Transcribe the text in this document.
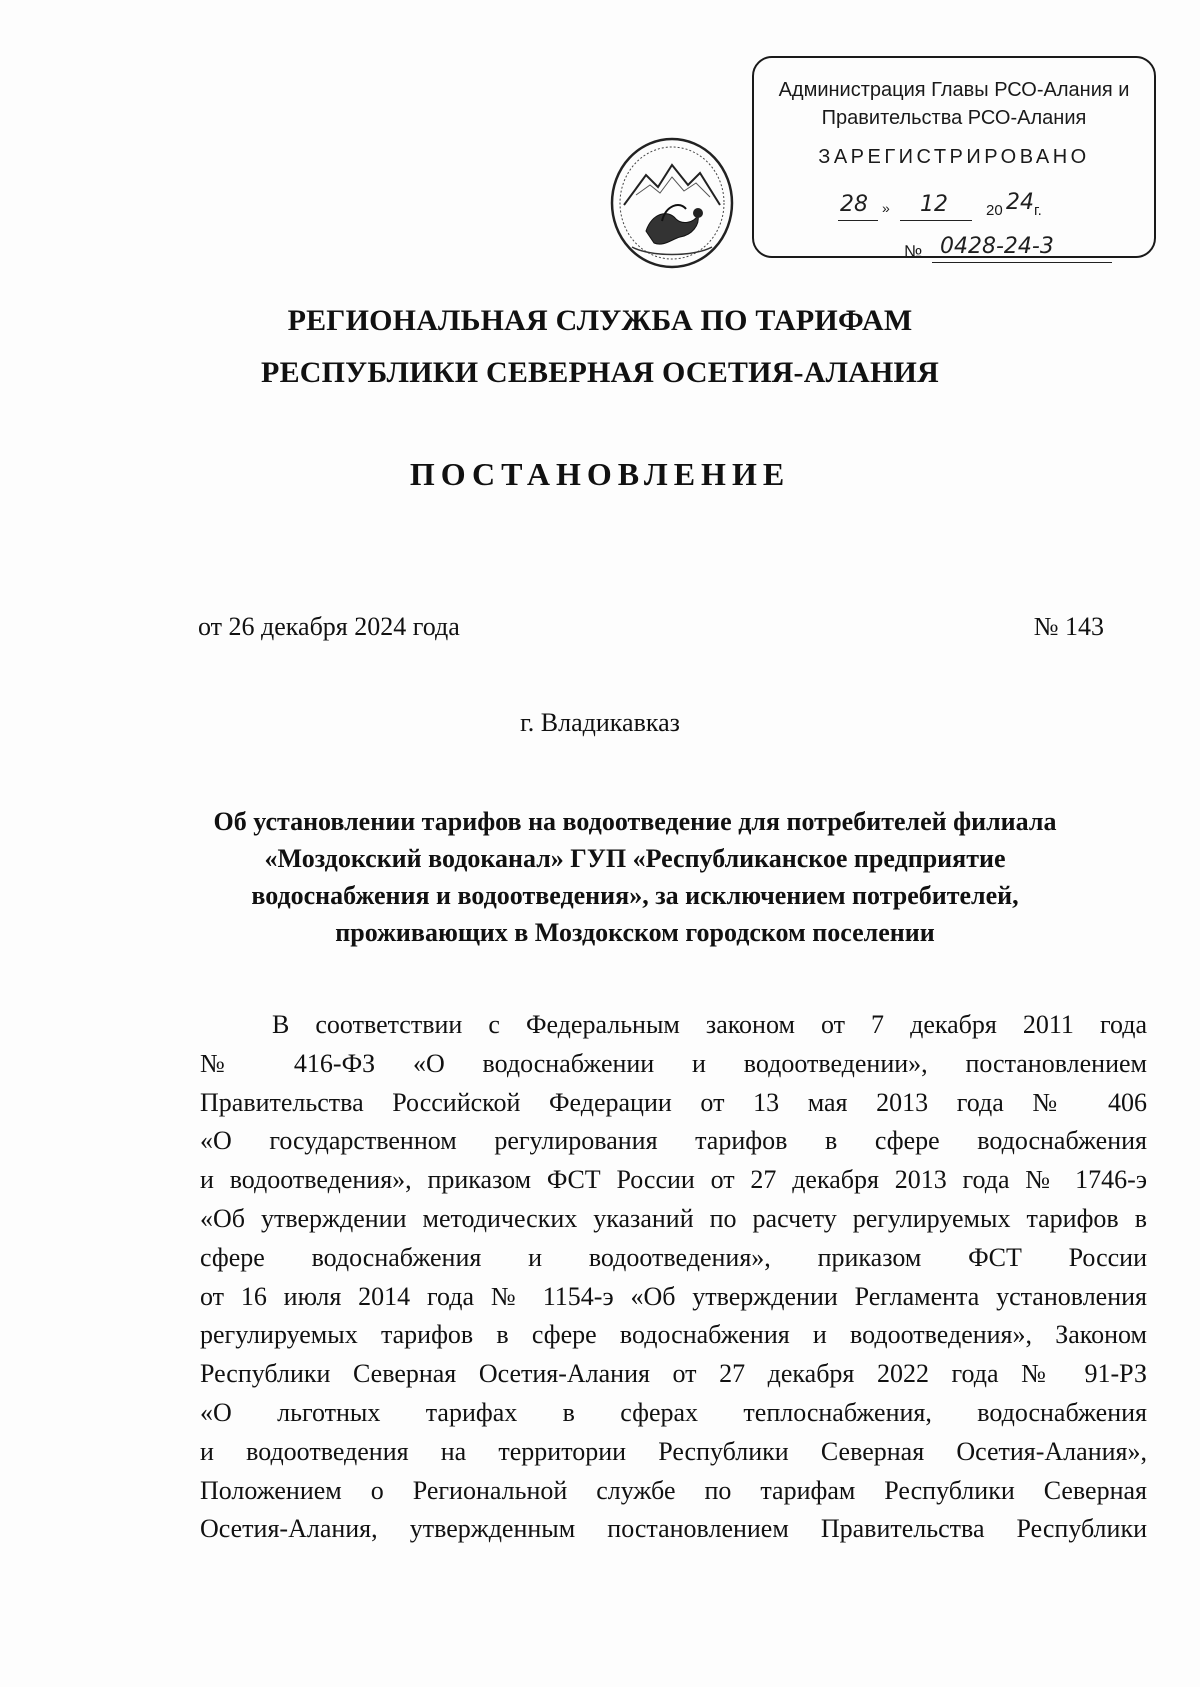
Администрация Главы РСО-Алания и
Правительства РСО-Алания
ЗАРЕГИСТРИРОВАНО
28 » 12	20 24 г.
№ 0428-24-3
РЕГИОНАЛЬНАЯ СЛУЖБА ПО ТАРИФАМ
РЕСПУБЛИКИ СЕВЕРНАЯ ОСЕТИЯ-АЛАНИЯ
ПОСТАНОВЛЕНИЕ
от 26 декабря 2024 года	№ 143
г. Владикавказ
Об установлении тарифов на водоотведение для потребителей филиала
«Моздокский водоканал» ГУП «Республиканское предприятие
водоснабжения и водоотведения», за исключением потребителей,
проживающих в Моздокском городском поселении
В соответствии с Федеральным законом от 7 декабря 2011 года
№ 416-ФЗ «О водоснабжении и водоотведении», постановлением
Правительства Российской Федерации от 13 мая 2013 года № 406
«О государственном регулирования тарифов в сфере водоснабжения
и водоотведения», приказом ФСТ России от 27 декабря 2013 года № 1746-э
«Об утверждении методических указаний по расчету регулируемых тарифов в
сфере водоснабжения и водоотведения», приказом ФСТ России
от 16 июля 2014 года № 1154-э «Об утверждении Регламента установления
регулируемых тарифов в сфере водоснабжения и водоотведения», Законом
Республики Северная Осетия-Алания от 27 декабря 2022 года № 91-РЗ
«О льготных тарифах в сферах теплоснабжения, водоснабжения
и водоотведения на территории Республики Северная Осетия-Алания»,
Положением о Региональной службе по тарифам Республики Северная
Осетия-Алания, утвержденным постановлением Правительства Республики
